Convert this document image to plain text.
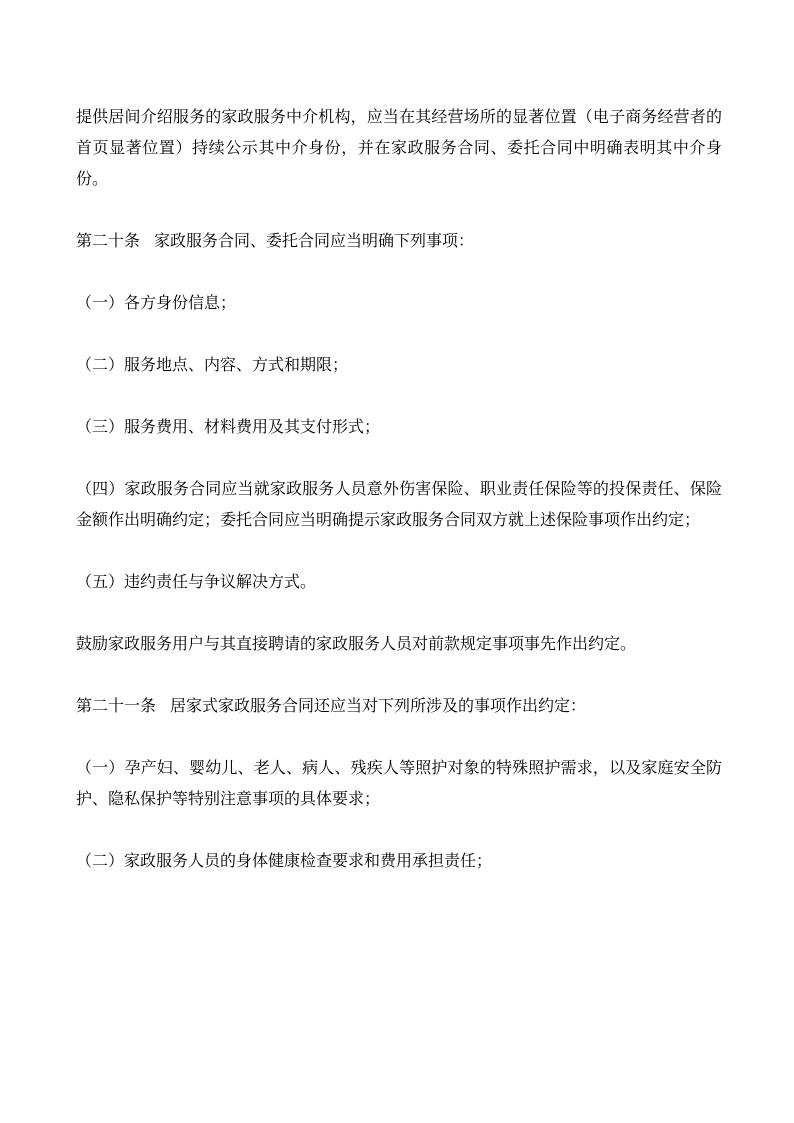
提供居间介绍服务的家政服务中介机构，应当在其经营场所的显著位置（电子商务经营者的首页显著位置）持续公示其中介身份，并在家政服务合同、委托合同中明确表明其中介身份。

第二十条 家政服务合同、委托合同应当明确下列事项：

（一）各方身份信息；

（二）服务地点、内容、方式和期限；

（三）服务费用、材料费用及其支付形式；

（四）家政服务合同应当就家政服务人员意外伤害保险、职业责任保险等的投保责任、保险金额作出明确约定；委托合同应当明确提示家政服务合同双方就上述保险事项作出约定；

（五）违约责任与争议解决方式。

鼓励家政服务用户与其直接聘请的家政服务人员对前款规定事项事先作出约定。

第二十一条 居家式家政服务合同还应当对下列所涉及的事项作出约定：

（一）孕产妇、婴幼儿、老人、病人、残疾人等照护对象的特殊照护需求，以及家庭安全防护、隐私保护等特别注意事项的具体要求；

（二）家政服务人员的身体健康检查要求和费用承担责任；
